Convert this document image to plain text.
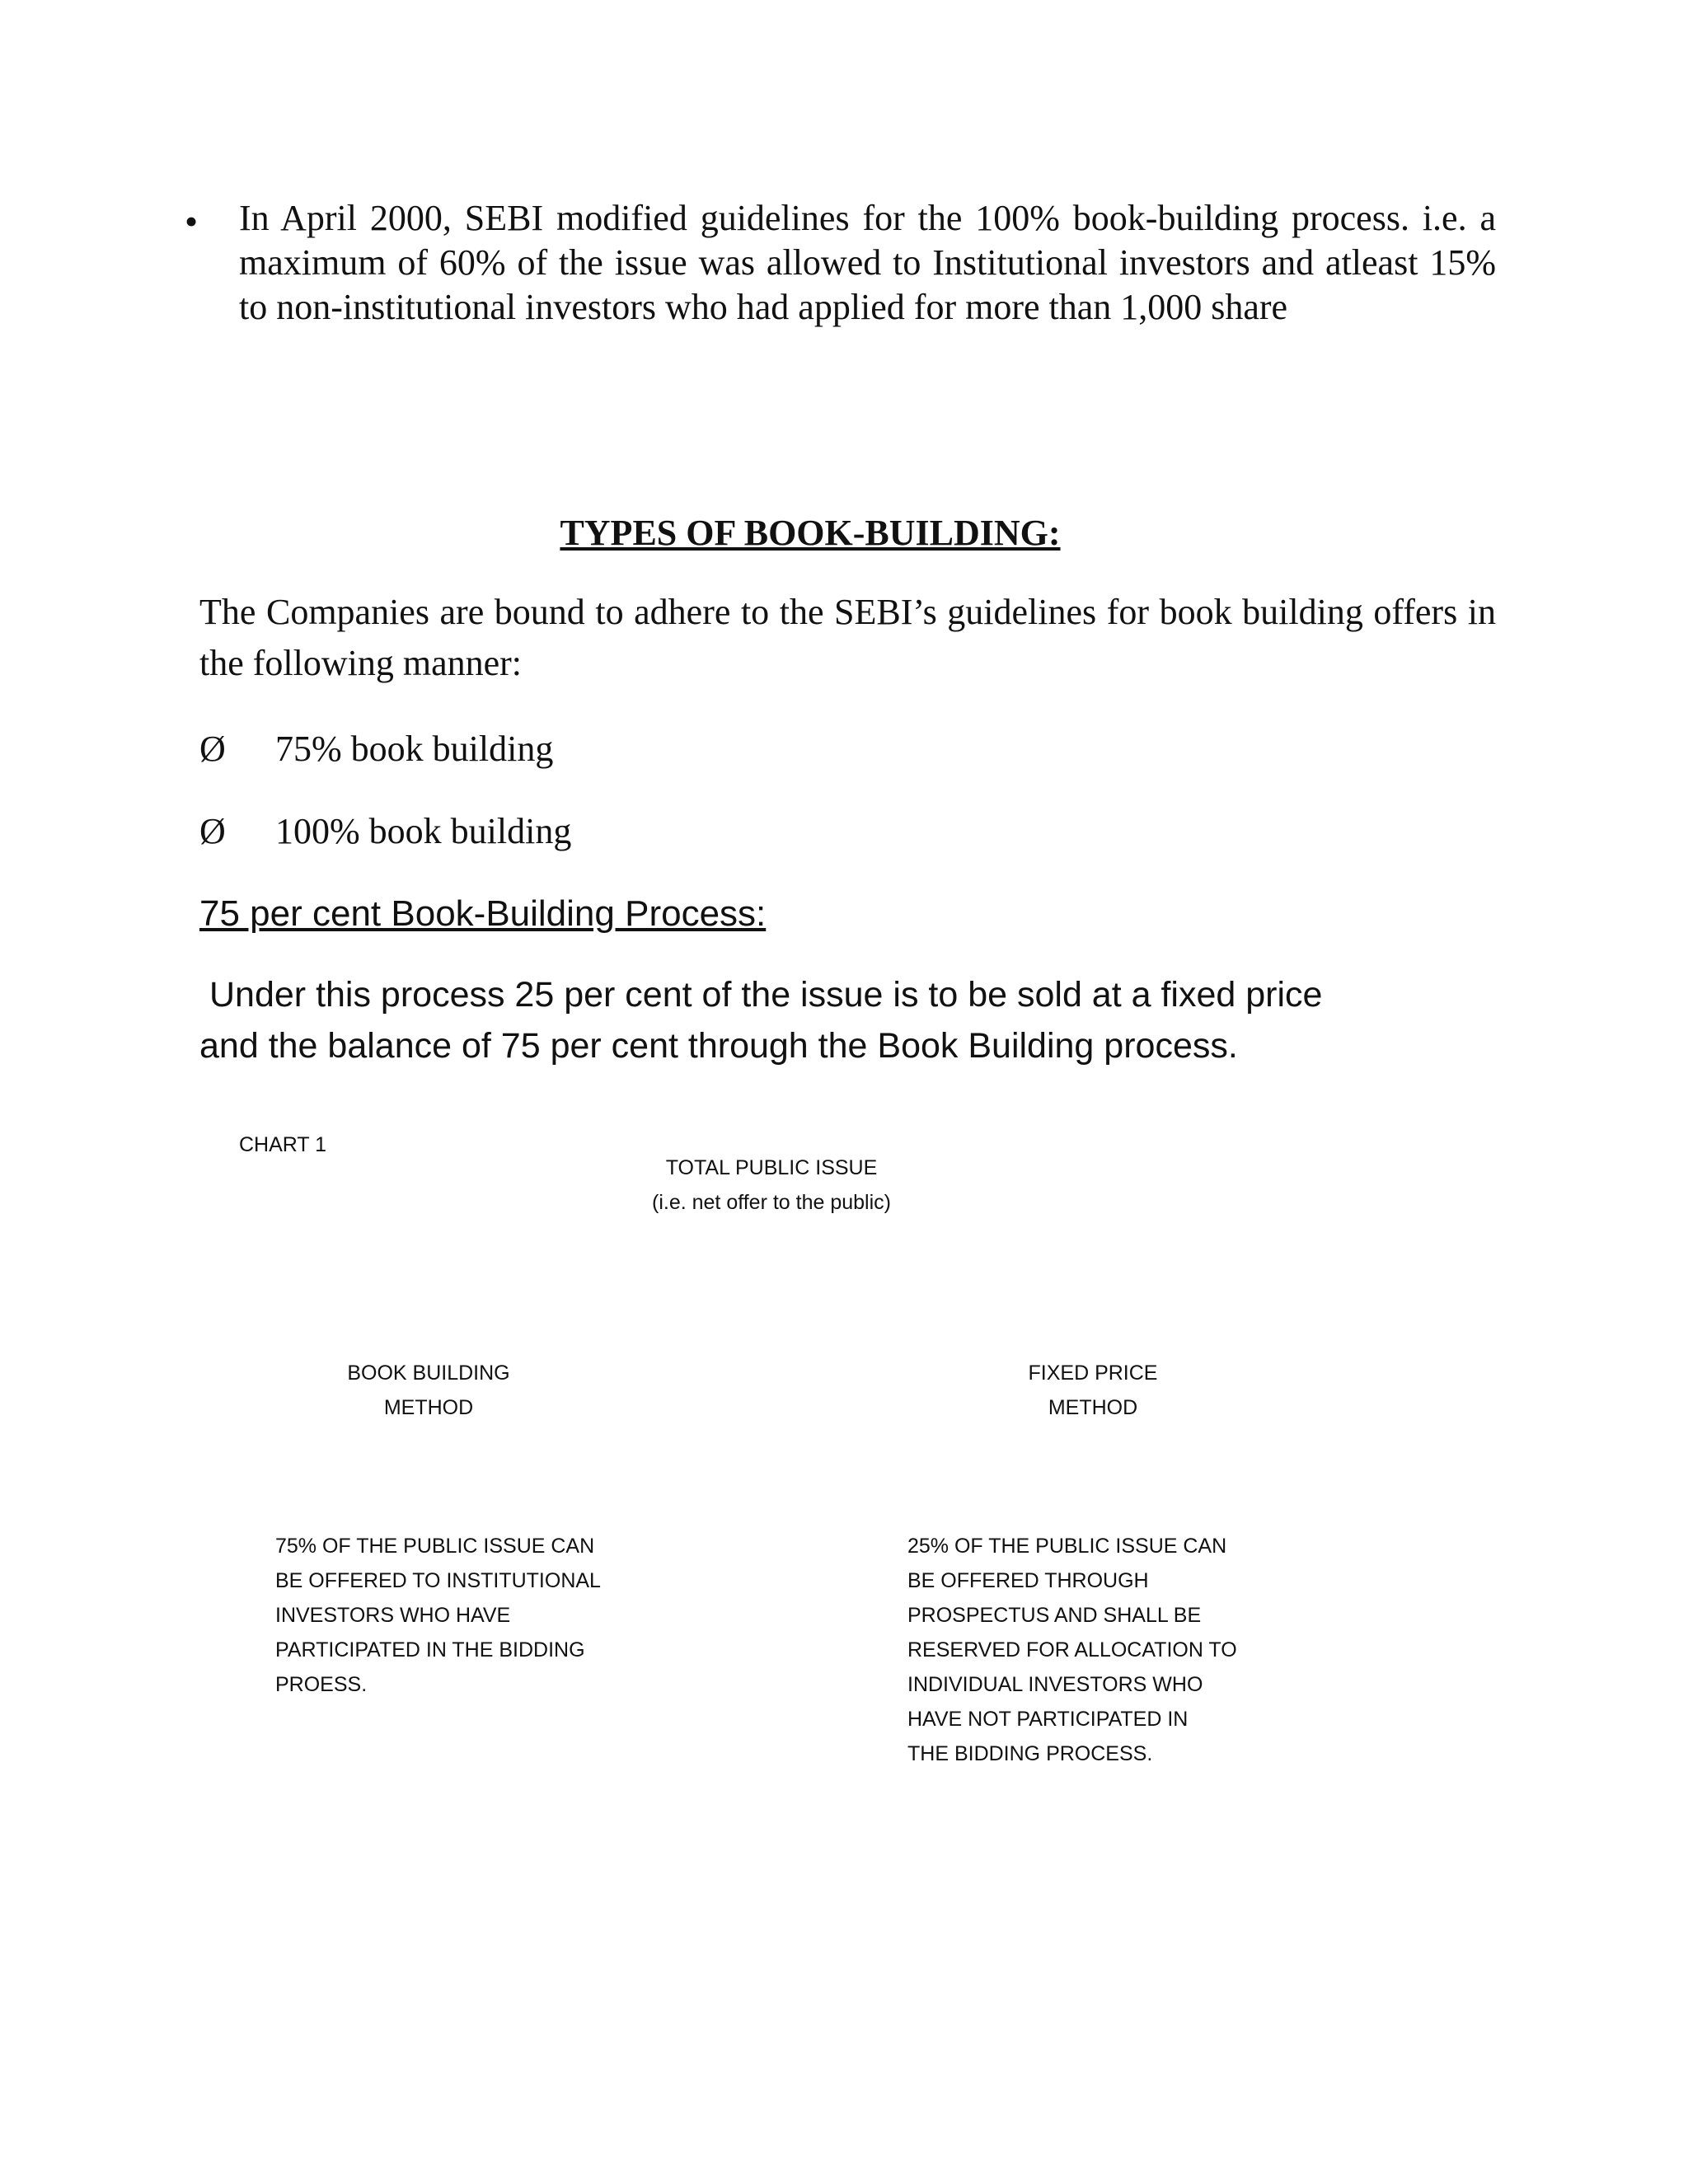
• In April 2000, SEBI modified guidelines for the 100% book-building process. i.e. a maximum of 60% of the issue was allowed to Institutional investors and atleast 15% to non-institutional investors who had applied for more than 1,000 share

TYPES OF BOOK-BUILDING:

The Companies are bound to adhere to the SEBI’s guidelines for book building offers in the following manner:

Ø 75% book building
Ø 100% book building

75 per cent Book-Building Process:

Under this process 25 per cent of the issue is to be sold at a fixed price
and the balance of 75 per cent through the Book Building process.
CHART 1
TOTAL PUBLIC ISSUE
(i.e. net offer to the public)
BOOK BUILDING
METHOD
FIXED PRICE
METHOD
75% OF THE PUBLIC ISSUE CAN
BE OFFERED TO INSTITUTIONAL
INVESTORS WHO HAVE
PARTICIPATED IN THE BIDDING
PROESS.
25% OF THE PUBLIC ISSUE CAN
BE OFFERED THROUGH
PROSPECTUS AND SHALL BE
RESERVED FOR ALLOCATION TO
INDIVIDUAL INVESTORS WHO
HAVE NOT PARTICIPATED IN
THE BIDDING PROCESS.
